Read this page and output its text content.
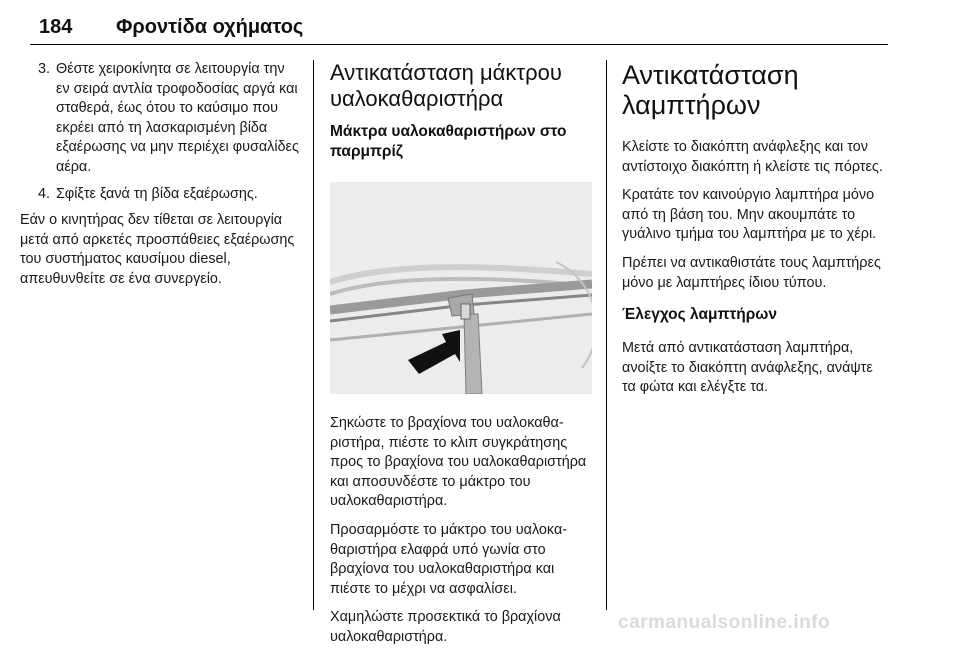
184 Φροντίδα οχήματος
3. Θέστε χειροκίνητα σε λειτουργία την εν σειρά αντλία τροφοδοσίας αργά και σταθερά, έως ότου το καύσιμο που εκρέει από τη λασκαρισμένη βίδα εξαέρωσης να μην περιέχει φυσαλίδες αέρα.
4. Σφίξτε ξανά τη βίδα εξαέρωσης.

Εάν ο κινητήρας δεν τίθεται σε λειτουργία μετά από αρκετές προσπάθειες εξαέρωσης του συστήματος καυσίμου diesel, απευθυνθείτε σε ένα συνεργείο.

Αντικατάσταση μάκτρου υαλοκαθαριστήρα
Μάκτρα υαλοκαθαριστήρων στο παρμπρίζ

Σηκώστε το βραχίονα του υαλοκαθαριστήρα, πιέστε το κλιπ συγκράτησης προς το βραχίονα του υαλοκαθαριστήρα και αποσυνδέστε το μάκτρο του υαλοκαθαριστήρα.

Προσαρμόστε το μάκτρο του υαλοκαθαριστήρα ελαφρά υπό γωνία στο βραχίονα του υαλοκαθαριστήρα και πιέστε το μέχρι να ασφαλίσει.

Χαμηλώστε προσεκτικά το βραχίονα υαλοκαθαριστήρα.

Αντικατάσταση λαμπτήρων

Κλείστε το διακόπτη ανάφλεξης και τον αντίστοιχο διακόπτη ή κλείστε τις πόρτες.

Κρατάτε τον καινούργιο λαμπτήρα μόνο από τη βάση του. Μην ακουμπάτε το γυάλινο τμήμα του λαμπτήρα με το χέρι.

Πρέπει να αντικαθιστάτε τους λαμπτήρες μόνο με λαμπτήρες ίδιου τύπου.

Έλεγχος λαμπτήρων

Μετά από αντικατάσταση λαμπτήρα, ανοίξτε το διακόπτη ανάφλεξης, ανάψτε τα φώτα και ελέγξτε τα.

carmanualsonline.info
